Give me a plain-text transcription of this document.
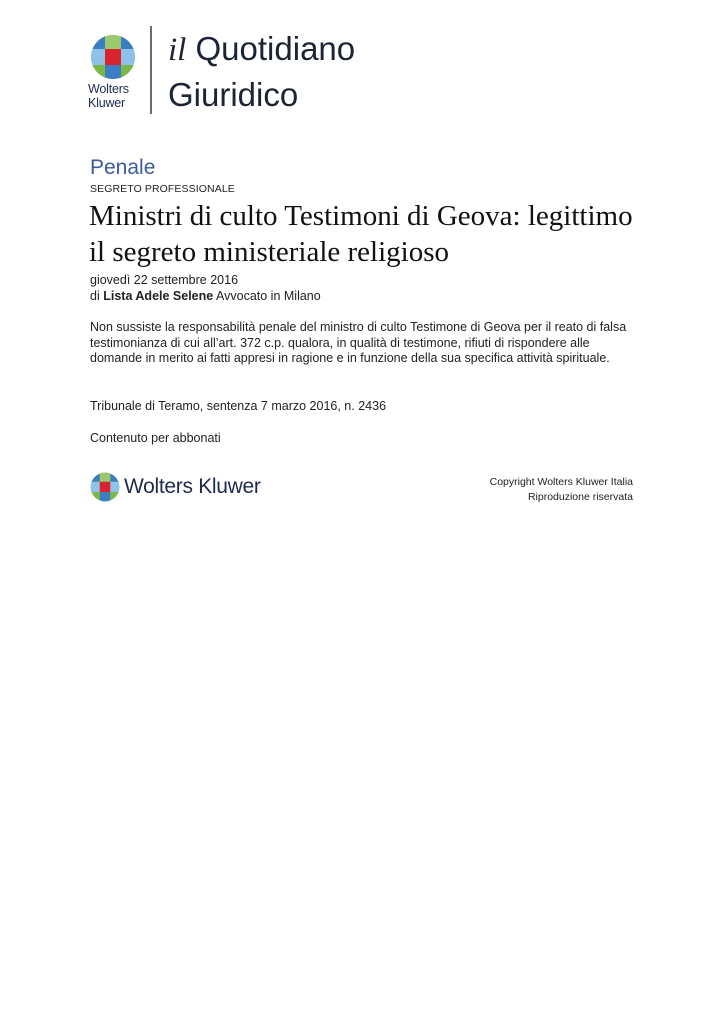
Wolters
Kluwer
il Quotidiano
Giuridico
Penale
SEGRETO PROFESSIONALE
Ministri di culto Testimoni di Geova: legittimo il segreto ministeriale religioso
giovedì 22 settembre 2016
di Lista Adele Selene Avvocato in Milano

Non sussiste la responsabilità penale del ministro di culto Testimone di Geova per il reato di falsa testimonianza di cui all’art. 372 c.p. qualora, in qualità di testimone, rifiuti di rispondere alle domande in merito ai fatti appresi in ragione e in funzione della sua specifica attività spirituale.

Tribunale di Teramo, sentenza 7 marzo 2016, n. 2436
Contenuto per abbonati
Wolters Kluwer	Copyright Wolters Kluwer Italia
Riproduzione riservata
